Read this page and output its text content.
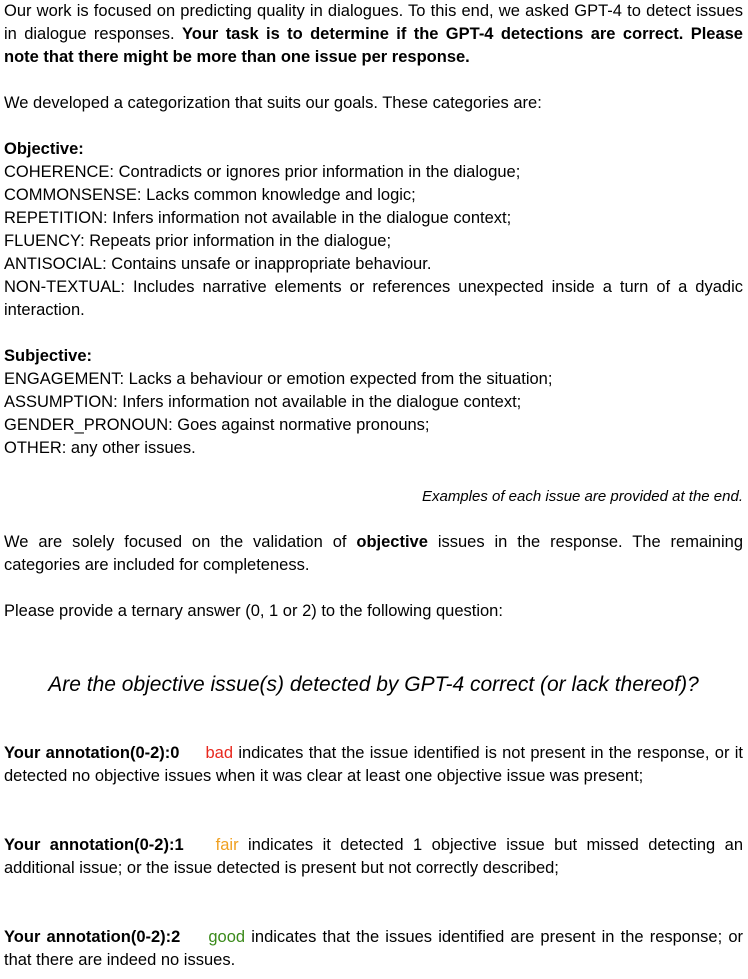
Our work is focused on predicting quality in dialogues. To this end, we asked GPT-4 to detect issues in dialogue responses. Your task is to determine if the GPT-4 detections are correct. Please note that there might be more than one issue per response.

We developed a categorization that suits our goals. These categories are:

Objective:

COHERENCE: Contradicts or ignores prior information in the dialogue;

COMMONSENSE: Lacks common knowledge and logic;

REPETITION: Infers information not available in the dialogue context;

FLUENCY: Repeats prior information in the dialogue;

ANTISOCIAL: Contains unsafe or inappropriate behaviour.

NON-TEXTUAL: Includes narrative elements or references unexpected inside a turn of a dyadic interaction.

Subjective:

ENGAGEMENT: Lacks a behaviour or emotion expected from the situation;

ASSUMPTION: Infers information not available in the dialogue context;

GENDER_PRONOUN: Goes against normative pronouns;

OTHER: any other issues.

Examples of each issue are provided at the end.

We are solely focused on the validation of objective issues in the response. The remaining categories are included for completeness.

Please provide a ternary answer (0, 1 or 2) to the following question:

Are the objective issue(s) detected by GPT-4 correct (or lack thereof)?

Your annotation(0-2):0 bad indicates that the issue identified is not present in the response, or it detected no objective issues when it was clear at least one objective issue was present;

Your annotation(0-2):1 fair indicates it detected 1 objective issue but missed detecting an additional issue; or the issue detected is present but not correctly described;

Your annotation(0-2):2 good indicates that the issues identified are present in the response; or that there are indeed no issues.
